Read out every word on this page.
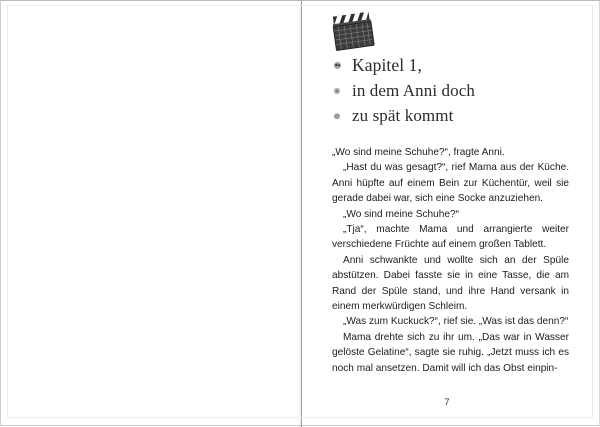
Kapitel 1,
in dem Anni doch
zu spät kommt

„Wo sind meine Schuhe?“, fragte Anni.

„Hast du was gesagt?“, rief Mama aus der Küche. Anni hüpfte auf einem Bein zur Küchentür, weil sie gerade dabei war, sich eine Socke anzuziehen.

„Wo sind meine Schuhe?“

„Tja“, machte Mama und arrangierte weiter verschiedene Früchte auf einem großen Tablett.

Anni schwankte und wollte sich an der Spüle abstützen. Dabei fasste sie in eine Tasse, die am Rand der Spüle stand, und ihre Hand versank in einem merkwürdigen Schleim.

„Was zum Kuckuck?“, rief sie. „Was ist das denn?“

Mama drehte sich zu ihr um. „Das war in Wasser gelöste Gelatine“, sagte sie ruhig. „Jetzt muss ich es noch mal ansetzen. Damit will ich das Obst einpin-

7
